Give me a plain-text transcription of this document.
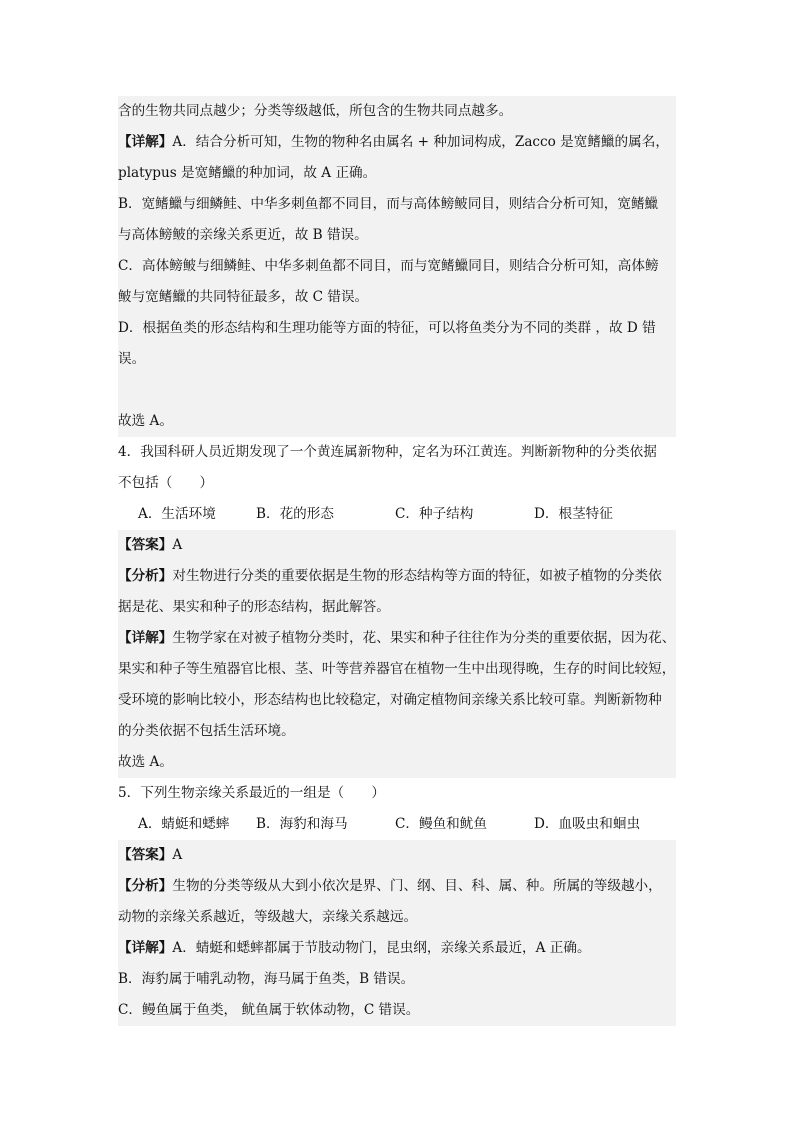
含的生物共同点越少；分类等级越低，所包含的生物共同点越多。
【详解】A．结合分析可知，生物的物种名由属名 + 种加词构成，Zacco 是宽鳍鱲的属名，
platypus 是宽鳍鱲的种加词，故 A 正确。
B．宽鳍鱲与细鳞鲑、中华多刺鱼都不同目，而与高体鳑鲏同目，则结合分析可知，宽鳍鱲
与高体鳑鲏的亲缘关系更近，故 B 错误。
C．高体鳑鲏与细鳞鲑、中华多刺鱼都不同目，而与宽鳍鱲同目，则结合分析可知，高体鳑
鲏与宽鳍鱲的共同特征最多，故 C 错误。
D．根据鱼类的形态结构和生理功能等方面的特征，可以将鱼类分为不同的类群 ，故 D 错
误。
故选 A。
4．我国科研人员近期发现了一个黄连属新物种，定名为环江黄连。判断新物种的分类依据
不包括（　　）
A．生活环境	B．花的形态	C．种子结构	D．根茎特征
【答案】A
【分析】对生物进行分类的重要依据是生物的形态结构等方面的特征，如被子植物的分类依
据是花、果实和种子的形态结构，据此解答。
【详解】生物学家在对被子植物分类时，花、果实和种子往往作为分类的重要依据，因为花、
果实和种子等生殖器官比根、茎、叶等营养器官在植物一生中出现得晚，生存的时间比较短，
受环境的影响比较小，形态结构也比较稳定，对确定植物间亲缘关系比较可靠。判断新物种
的分类依据不包括生活环境。
故选 A。
5．下列生物亲缘关系最近的一组是（　　）
A．蜻蜓和蟋蟀	B．海豹和海马	C．鳗鱼和鱿鱼	D．血吸虫和蛔虫
【答案】A
【分析】生物的分类等级从大到小依次是界、门、纲、目、科、属、种。所属的等级越小，
动物的亲缘关系越近，等级越大，亲缘关系越远。
【详解】A．蜻蜓和蟋蟀都属于节肢动物门，昆虫纲，亲缘关系最近，A 正确。
B．海豹属于哺乳动物，海马属于鱼类，B 错误。
C．鳗鱼属于鱼类， 鱿鱼属于软体动物，C 错误。
